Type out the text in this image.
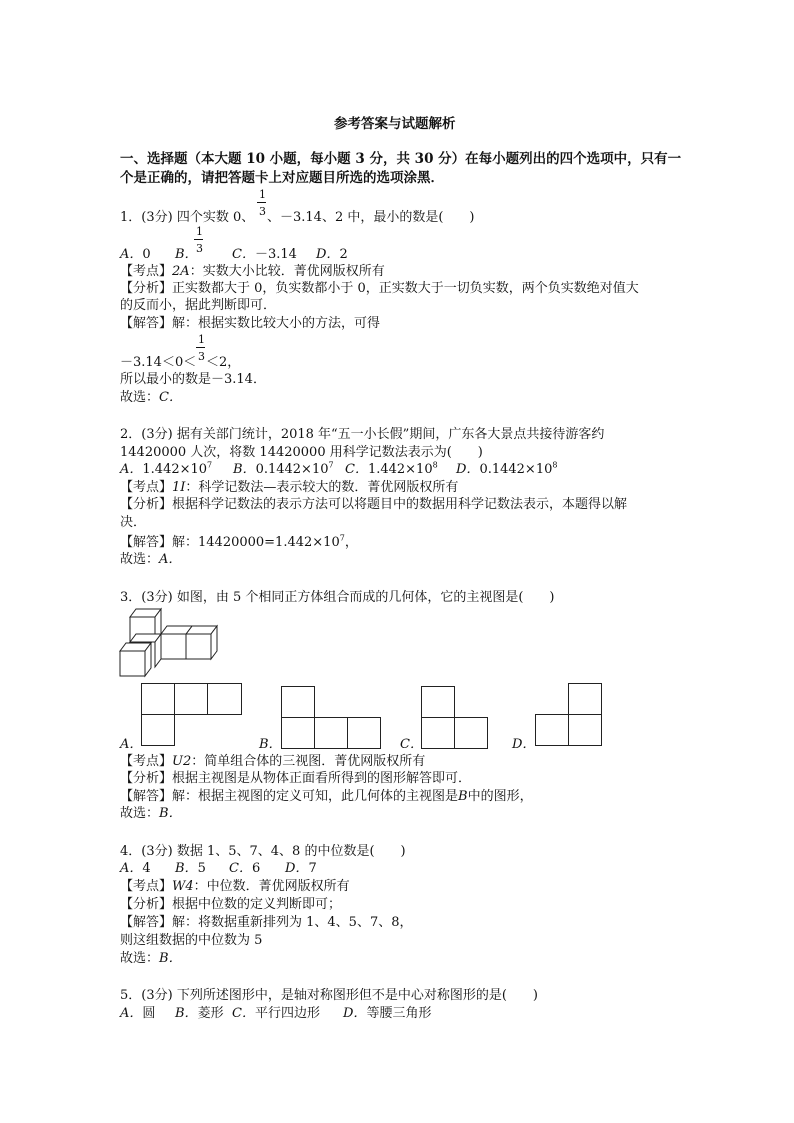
参考答案与试题解析
一、选择题（本大题 10 小题，每小题 3 分，共 30 分）在每小题列出的四个选项中，只有一
个是正确的，请把答题卡上对应题目所选的选项涂黑．
1．(3分) 四个实数 0、
1
3 、－3.14、2 中，最小的数是(　　)
A．0 B．
1
3 C．－3.14 D．2
【考点】2A：实数大小比较．菁优网版权所有
【分析】正实数都大于 0，负实数都小于 0，正实数大于一切负实数，两个负实数绝对值大
的反而小，据此判断即可．
【解答】解：根据实数比较大小的方法，可得
－3.14＜0＜
1
3 ＜2，
所以最小的数是－3.14．
故选：C．
2．(3分) 据有关部门统计，2018 年“五一小长假”期间，广东各大景点共接待游客约
14420000 人次，将数 14420000 用科学记数法表示为(　　)
A．$1.442\times 10^7$ B．$0.1442\times 10^7$ C．$1.442\times 10^8$ D．$0.1442\times 10^8$
【考点】1I：科学记数法—表示较大的数．菁优网版权所有
【分析】根据科学记数法的表示方法可以将题目中的数据用科学记数法表示，本题得以解
决．
【解答】解：$14420000=1.442\times 10^7$，
故选：A．
3．(3分) 如图，由 5 个相同正方体组合而成的几何体，它的主视图是(　　)
A．	B．	C．	D．
【考点】U2：简单组合体的三视图．菁优网版权所有
【分析】根据主视图是从物体正面看所得到的图形解答即可．
【解答】解：根据主视图的定义可知，此几何体的主视图是B中的图形，
故选：B．
4．(3分) 数据 1、5、7、4、8 的中位数是(　　)
A．4 B．5 C．6 D．7
【考点】W4：中位数．菁优网版权所有
【分析】根据中位数的定义判断即可；
【解答】解：将数据重新排列为 1、4、5、7、8，
则这组数据的中位数为 5
故选：B．
5．(3分) 下列所述图形中，是轴对称图形但不是中心对称图形的是(　　)
A．圆 B．菱形 C．平行四边形 D．等腰三角形
